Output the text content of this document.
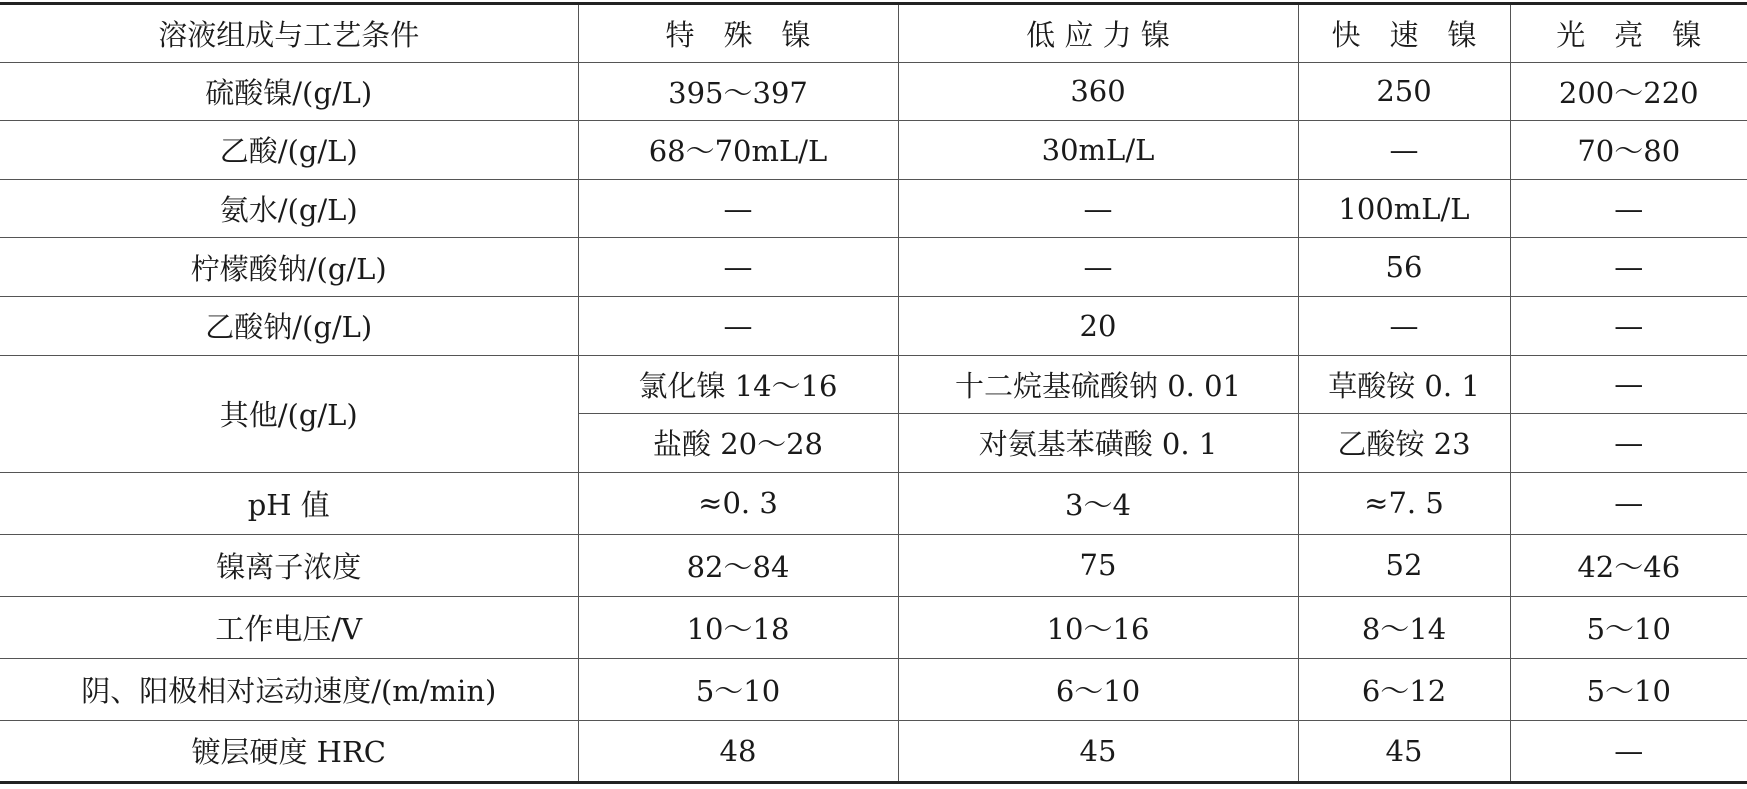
溶液组成与工艺条件	特　殊　镍	低 应 力 镍	快　速　镍	光　亮　镍
硫酸镍/(g/L)	395～397	360	250	200～220
乙酸/(g/L)	68～70mL/L	30mL/L	—	70～80
氨水/(g/L)	—	—	100mL/L	—
柠檬酸钠/(g/L)	—	—	56	—
乙酸钠/(g/L)	—	20	—	—
其他/(g/L)	氯化镍 14～16	十二烷基硫酸钠 0. 01	草酸铵 0. 1	—
	盐酸 20～28	对氨基苯磺酸 0. 1	乙酸铵 23	—
pH 值	≈0. 3	3～4	≈7. 5	—
镍离子浓度	82～84	75	52	42～46
工作电压/V	10～18	10～16	8～14	5～10
阴、阳极相对运动速度/(m/min)	5～10	6～10	6～12	5～10
镀层硬度 HRC	48	45	45	—
